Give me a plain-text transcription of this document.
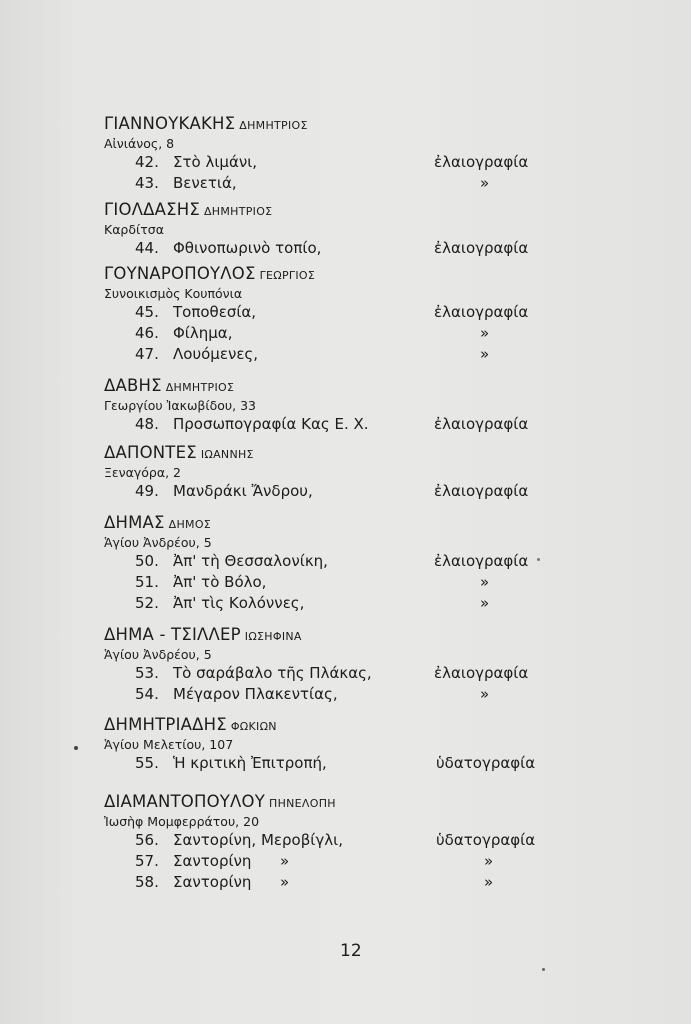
ΓΙΑΝΝΟΥΚΑΚΗΣ ΔΗΜΗΤΡΙΟΣ
Αἰνιάνος, 8
42. Στὸ λιμάνι,	ἐλαιογραφία
43. Βενετιά,	»
ΓΙΟΛΔΑΣΗΣ ΔΗΜΗΤΡΙΟΣ
Καρδίτσα
44. Φθινοπωρινὸ τοπίο,	ἐλαιογραφία
ΓΟΥΝΑΡΟΠΟΥΛΟΣ ΓΕΩΡΓΙΟΣ
Συνοικισμὸς Κουπόνια
45. Τοποθεσία,	ἐλαιογραφία
46. Φίλημα,	»
47. Λουόμενες,	»
ΔΑΒΗΣ ΔΗΜΗΤΡΙΟΣ
Γεωργίου Ἰακωβίδου, 33
48. Προσωπογραφία Κας Ε. Χ.	ἐλαιογραφία
ΔΑΠΟΝΤΕΣ ΙΩΑΝΝΗΣ
Ξεναγόρα, 2
49. Μανδράκι Ἄνδρου,	ἐλαιογραφία
ΔΗΜΑΣ ΔΗΜΟΣ
Ἁγίου Ἀνδρέου, 5
50. Ἀπ' τὴ Θεσσαλονίκη,	ἐλαιογραφία
51. Ἀπ' τὸ Βόλο,	»
52. Ἀπ' τὶς Κολόννες,	»
ΔΗΜΑ - ΤΣΙΛΛΕΡ ΙΩΣΗΦΙΝΑ
Ἁγίου Ἀνδρέου, 5
53. Τὸ σαράβαλο τῆς Πλάκας,	ἐλαιογραφία
54. Μέγαρον Πλακεντίας,	»
ΔΗΜΗΤΡΙΑΔΗΣ ΦΩΚΙΩΝ
Ἁγίου Μελετίου, 107
55. Ἡ κριτικὴ Ἐπιτροπή,	ὑδατογραφία
ΔΙΑΜΑΝΤΟΠΟΥΛΟΥ ΠΗΝΕΛΟΠΗ
Ἰωσὴφ Μομφερράτου, 20
56. Σαντορίνη, Μεροβίγλι,	ὑδατογραφία
57. Σαντορίνη      »	»
58. Σαντορίνη      »	»
12
